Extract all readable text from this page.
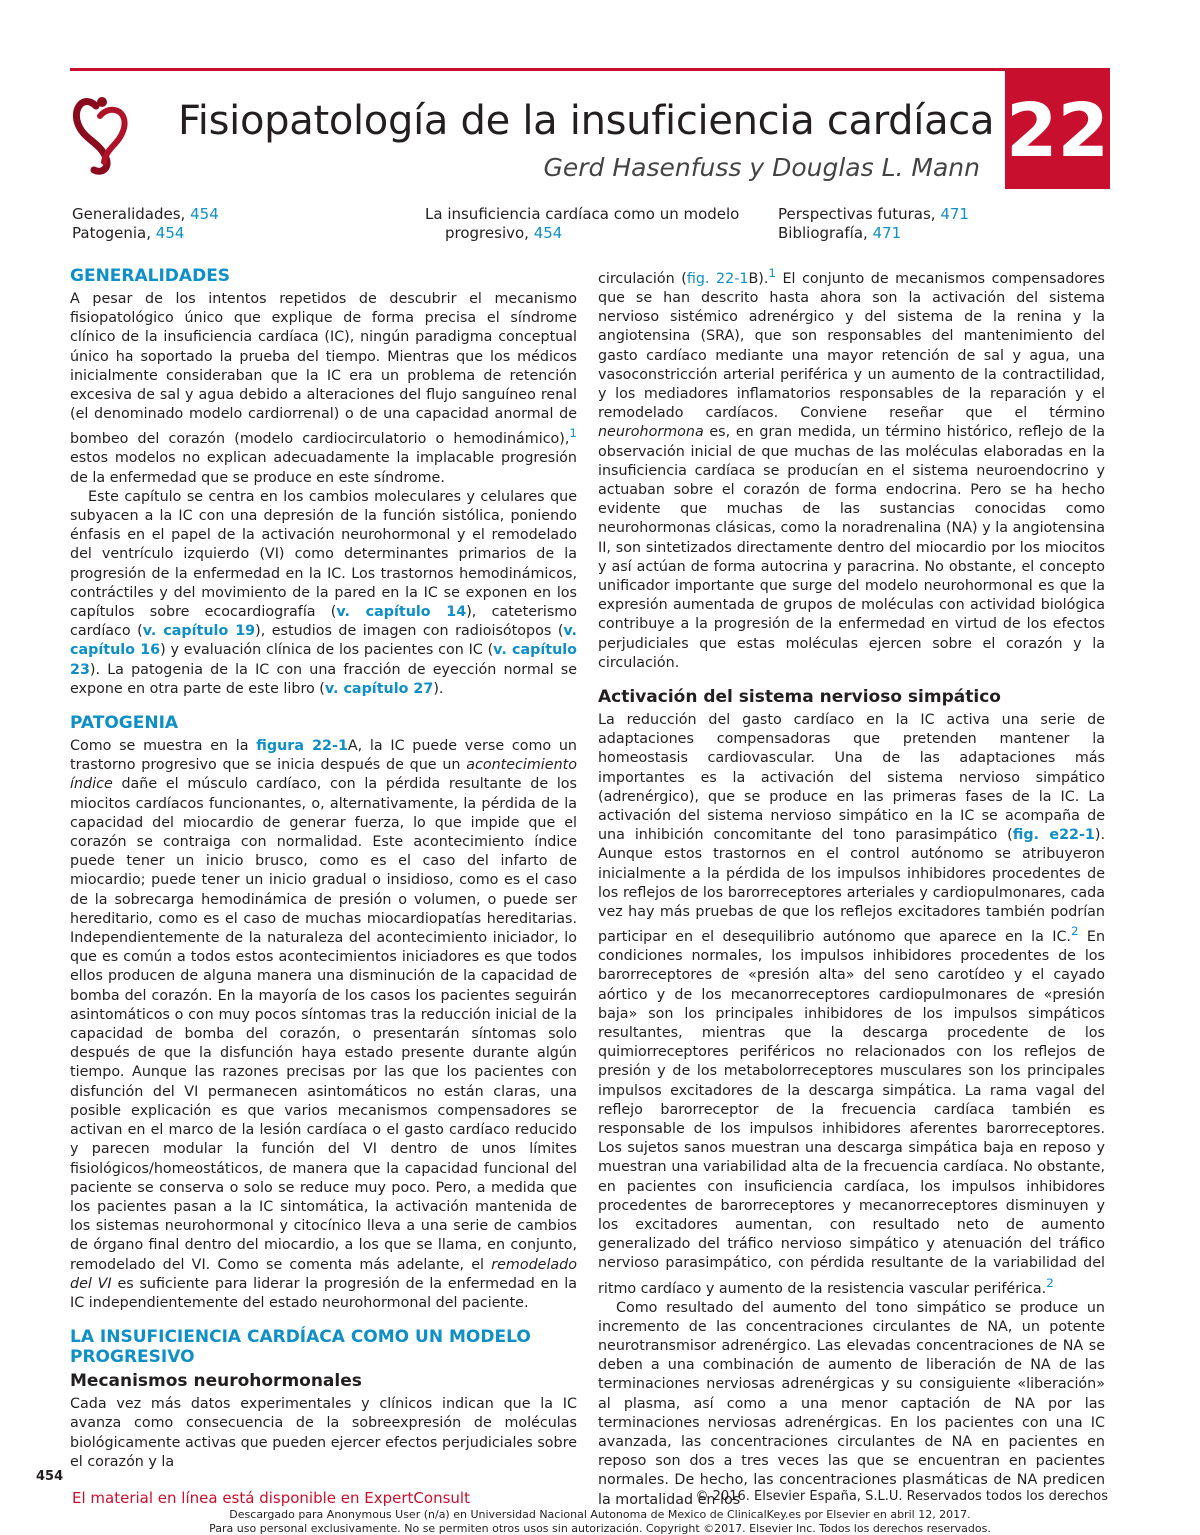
Fisiopatología de la insuficiencia cardíaca
Gerd Hasenfuss y Douglas L. Mann 22
Generalidades, 454
Patogenia, 454
La insuficiencia cardíaca como un modelo
progresivo, 454
Perspectivas futuras, 471
Bibliografía, 471
GENERALIDADES

A pesar de los intentos repetidos de descubrir el mecanismo fisiopatológico único que explique de forma precisa el síndrome clínico de la insuficiencia cardíaca (IC), ningún paradigma conceptual único ha soportado la prueba del tiempo. Mientras que los médicos inicialmente consideraban que la IC era un problema de retención excesiva de sal y agua debido a alteraciones del flujo sanguíneo renal (el denominado modelo cardiorrenal) o de una capacidad anormal de bombeo del corazón (modelo cardiocirculatorio o hemodinámico),$^1$ estos modelos no explican adecuadamente la implacable progresión de la enfermedad que se produce en este síndrome.

Este capítulo se centra en los cambios moleculares y celulares que subyacen a la IC con una depresión de la función sistólica, poniendo énfasis en el papel de la activación neurohormonal y el remodelado del ventrículo izquierdo (VI) como determinantes primarios de la progresión de la enfermedad en la IC. Los trastornos hemodinámicos, contráctiles y del movimiento de la pared en la IC se exponen en los capítulos sobre ecocardiografía (v. capítulo 14), cateterismo cardíaco (v. capítulo 19), estudios de imagen con radioisótopos (v. capítulo 16) y evaluación clínica de los pacientes con IC (v. capítulo 23). La patogenia de la IC con una fracción de eyección normal se expone en otra parte de este libro (v. capítulo 27).

PATOGENIA

Como se muestra en la figura 22-1A, la IC puede verse como un trastorno progresivo que se inicia después de que un acontecimiento índice dañe el músculo cardíaco, con la pérdida resultante de los miocitos cardíacos funcionantes, o, alternativamente, la pérdida de la capacidad del miocardio de generar fuerza, lo que impide que el corazón se contraiga con normalidad. Este acontecimiento índice puede tener un inicio brusco, como es el caso del infarto de miocardio; puede tener un inicio gradual o insidioso, como es el caso de la sobrecarga hemodinámica de presión o volumen, o puede ser hereditario, como es el caso de muchas miocardiopatías hereditarias. Independientemente de la naturaleza del acontecimiento iniciador, lo que es común a todos estos acontecimientos iniciadores es que todos ellos producen de alguna manera una disminución de la capacidad de bomba del corazón. En la mayoría de los casos los pacientes seguirán asintomáticos o con muy pocos síntomas tras la reducción inicial de la capacidad de bomba del corazón, o presentarán síntomas solo después de que la disfunción haya estado presente durante algún tiempo. Aunque las razones precisas por las que los pacientes con disfunción del VI permanecen asintomáticos no están claras, una posible explicación es que varios mecanismos compensadores se activan en el marco de la lesión cardíaca o el gasto cardíaco reducido y parecen modular la función del VI dentro de unos límites fisiológicos/homeostáticos, de manera que la capacidad funcional del paciente se conserva o solo se reduce muy poco. Pero, a medida que los pacientes pasan a la IC sintomática, la activación mantenida de los sistemas neurohormonal y citocínico lleva a una serie de cambios de órgano final dentro del miocardio, a los que se llama, en conjunto, remodelado del VI. Como se comenta más adelante, el remodelado del VI es suficiente para liderar la progresión de la enfermedad en la IC independientemente del estado neurohormonal del paciente.

LA INSUFICIENCIA CARDÍACA COMO UN MODELO PROGRESIVO
Mecanismos neurohormonales

Cada vez más datos experimentales y clínicos indican que la IC avanza como consecuencia de la sobreexpresión de moléculas biológicamente activas que pueden ejercer efectos perjudiciales sobre el corazón y la

circulación (fig. 22-1B).$^1$ El conjunto de mecanismos compensadores que se han descrito hasta ahora son la activación del sistema nervioso sistémico adrenérgico y del sistema de la renina y la angiotensina (SRA), que son responsables del mantenimiento del gasto cardíaco mediante una mayor retención de sal y agua, una vasoconstricción arterial periférica y un aumento de la contractilidad, y los mediadores inflamatorios responsables de la reparación y el remodelado cardíacos. Conviene reseñar que el término neurohormona es, en gran medida, un término histórico, reflejo de la observación inicial de que muchas de las moléculas elaboradas en la insuficiencia cardíaca se producían en el sistema neuroendocrino y actuaban sobre el corazón de forma endocrina. Pero se ha hecho evidente que muchas de las sustancias conocidas como neurohormonas clásicas, como la noradrenalina (NA) y la angiotensina II, son sintetizados directamente dentro del miocardio por los miocitos y así actúan de forma autocrina y paracrina. No obstante, el concepto unificador importante que surge del modelo neurohormonal es que la expresión aumentada de grupos de moléculas con actividad biológica contribuye a la progresión de la enfermedad en virtud de los efectos perjudiciales que estas moléculas ejercen sobre el corazón y la circulación.

Activación del sistema nervioso simpático

La reducción del gasto cardíaco en la IC activa una serie de adaptaciones compensadoras que pretenden mantener la homeostasis cardiovascular. Una de las adaptaciones más importantes es la activación del sistema nervioso simpático (adrenérgico), que se produce en las primeras fases de la IC. La activación del sistema nervioso simpático en la IC se acompaña de una inhibición concomitante del tono parasimpático (fig. e22-1). Aunque estos trastornos en el control autónomo se atribuyeron inicialmente a la pérdida de los impulsos inhibidores procedentes de los reflejos de los barorreceptores arteriales y cardiopulmonares, cada vez hay más pruebas de que los reflejos excitadores también podrían participar en el desequilibrio autónomo que aparece en la IC.$^2$ En condiciones normales, los impulsos inhibidores procedentes de los barorreceptores de «presión alta» del seno carotídeo y el cayado aórtico y de los mecanorreceptores cardiopulmonares de «presión baja» son los principales inhibidores de los impulsos simpáticos resultantes, mientras que la descarga procedente de los quimiorreceptores periféricos no relacionados con los reflejos de presión y de los metabolorreceptores musculares son los principales impulsos excitadores de la descarga simpática. La rama vagal del reflejo barorreceptor de la frecuencia cardíaca también es responsable de los impulsos inhibidores aferentes barorreceptores. Los sujetos sanos muestran una descarga simpática baja en reposo y muestran una variabilidad alta de la frecuencia cardíaca. No obstante, en pacientes con insuficiencia cardíaca, los impulsos inhibidores procedentes de barorreceptores y mecanorreceptores disminuyen y los excitadores aumentan, con resultado neto de aumento generalizado del tráfico nervioso simpático y atenuación del tráfico nervioso parasimpático, con pérdida resultante de la variabilidad del ritmo cardíaco y aumento de la resistencia vascular periférica.$^2$

Como resultado del aumento del tono simpático se produce un incremento de las concentraciones circulantes de NA, un potente neurotransmisor adrenérgico. Las elevadas concentraciones de NA se deben a una combinación de aumento de liberación de NA de las terminaciones nerviosas adrenérgicas y su consiguiente «liberación» al plasma, así como a una menor captación de NA por las terminaciones nerviosas adrenérgicas. En los pacientes con una IC avanzada, las concentraciones circulantes de NA en pacientes en reposo son dos a tres veces las que se encuentran en pacientes normales. De hecho, las concentraciones plasmáticas de NA predicen la mortalidad en los

454
El material en línea está disponible en ExpertConsult	© 2016. Elsevier España, S.L.U. Reservados todos los derechos
Descargado para Anonymous User (n/a) en Universidad Nacional Autonoma de Mexico de ClinicalKey.es por Elsevier en abril 12, 2017.
Para uso personal exclusivamente. No se permiten otros usos sin autorización. Copyright ©2017. Elsevier Inc. Todos los derechos reservados.
